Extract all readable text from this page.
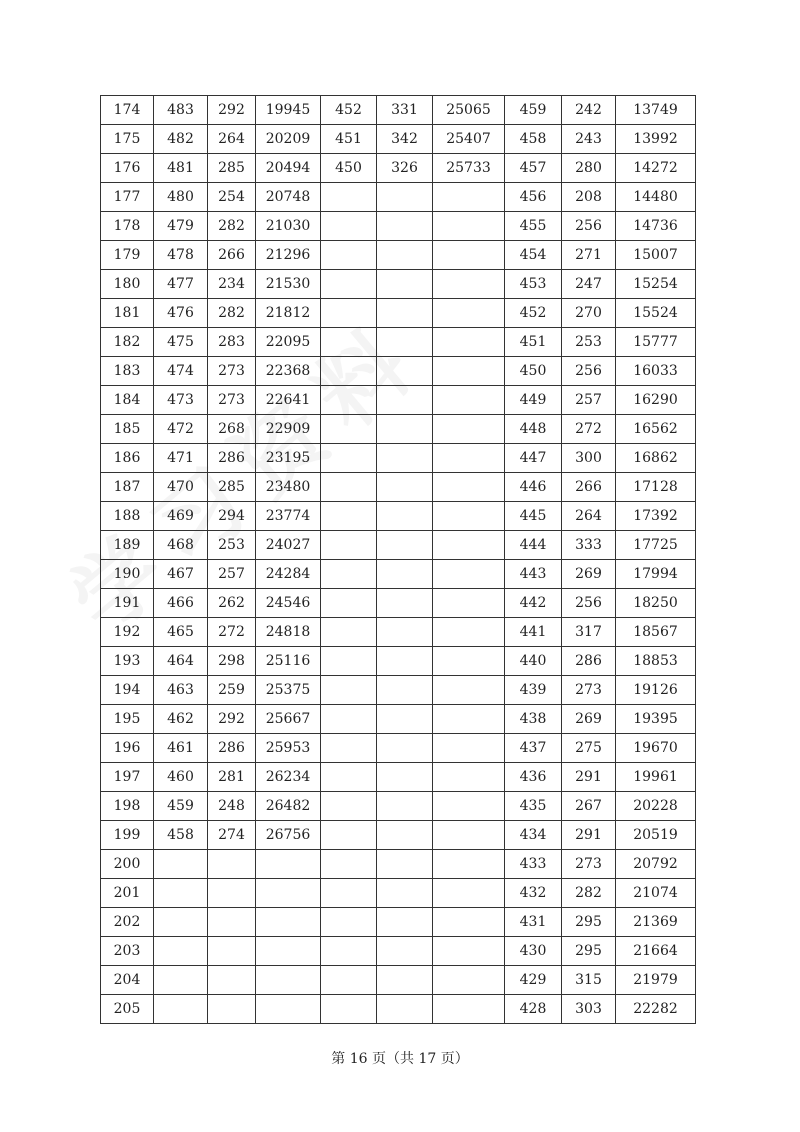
174	483	292	19945	452	331	25065	459	242	13749
175	482	264	20209	451	342	25407	458	243	13992
176	481	285	20494	450	326	25733	457	280	14272
177	480	254	20748				456	208	14480
178	479	282	21030				455	256	14736
179	478	266	21296				454	271	15007
180	477	234	21530				453	247	15254
181	476	282	21812				452	270	15524
182	475	283	22095				451	253	15777
183	474	273	22368				450	256	16033
184	473	273	22641				449	257	16290
185	472	268	22909				448	272	16562
186	471	286	23195				447	300	16862
187	470	285	23480				446	266	17128
188	469	294	23774				445	264	17392
189	468	253	24027				444	333	17725
190	467	257	24284				443	269	17994
191	466	262	24546				442	256	18250
192	465	272	24818				441	317	18567
193	464	298	25116				440	286	18853
194	463	259	25375				439	273	19126
195	462	292	25667				438	269	19395
196	461	286	25953				437	275	19670
197	460	281	26234				436	291	19961
198	459	248	26482				435	267	20228
199	458	274	26756				434	291	20519
200							433	273	20792
201							432	282	21074
202							431	295	21369
203							430	295	21664
204							429	315	21979
205							428	303	22282
第 16 页（共 17 页）
